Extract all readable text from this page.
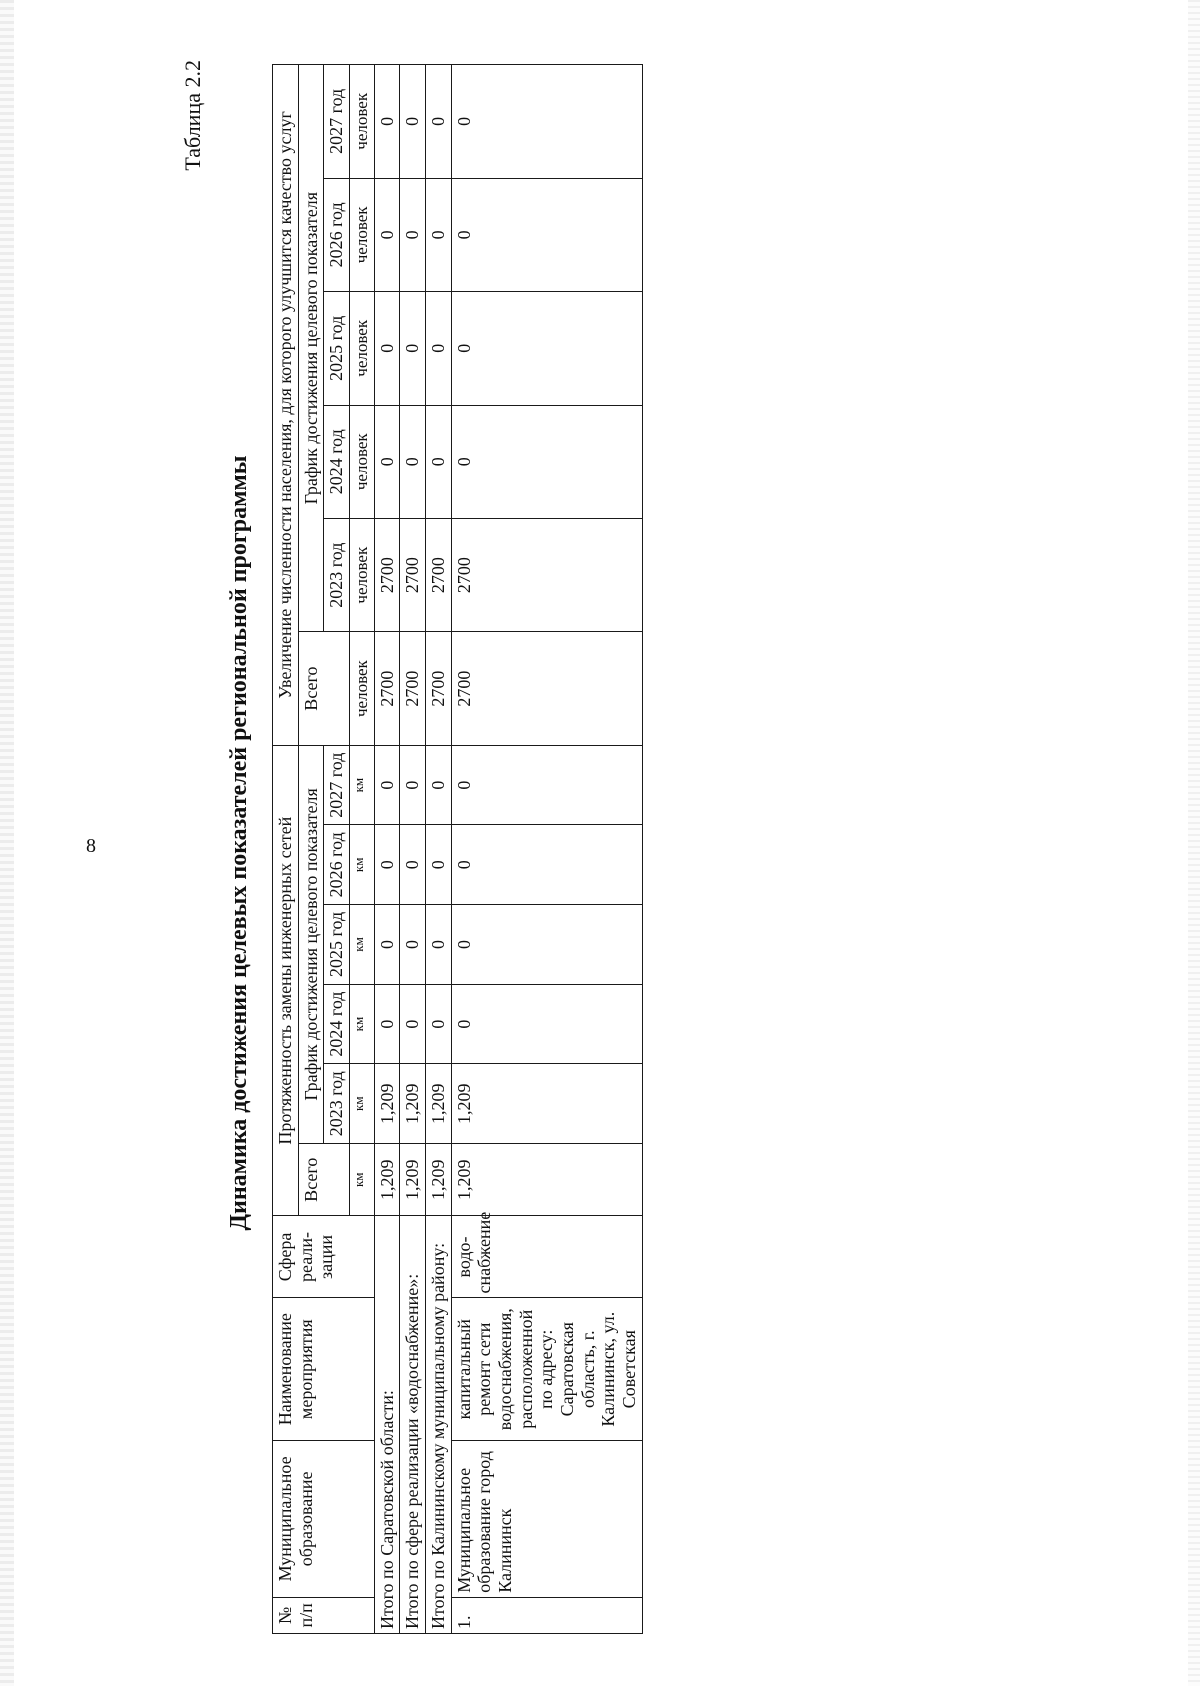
8
Таблица 2.2
Динамика достижения целевых показателей региональной программы
№ п/п	Муниципальное образование	Наименование мероприятия	Сфера реали-зации	Протяженность замены инженерных сетей						Увеличение численности населения, для которого улучшится качество услуг					
				Всего	График достижения целевого показателя					Всего	График достижения целевого показателя				
					2023 год	2024 год	2025 год	2026 год	2027 год		2023 год	2024 год	2025 год	2026 год	2027 год
				км	км	км	км	км	км	человек	человек	человек	человек	человек	человек
Итого по Саратовской области:				1,209	1,209	0	0	0	0	2700	2700	0	0	0	0
Итого по сфере реализации «водоснабжение»:				1,209	1,209	0	0	0	0	2700	2700	0	0	0	0
Итого по Калининскому муниципальному району:				1,209	1,209	0	0	0	0	2700	2700	0	0	0	0
1.	Муниципальное образование город Калининск	капитальный ремонт сети водоснабжения, расположенной по адресу: Саратовская область, г. Калининск, ул. Советская	водо-снабжение	1,209	1,209	0	0	0	0	2700	2700	0	0	0	0
